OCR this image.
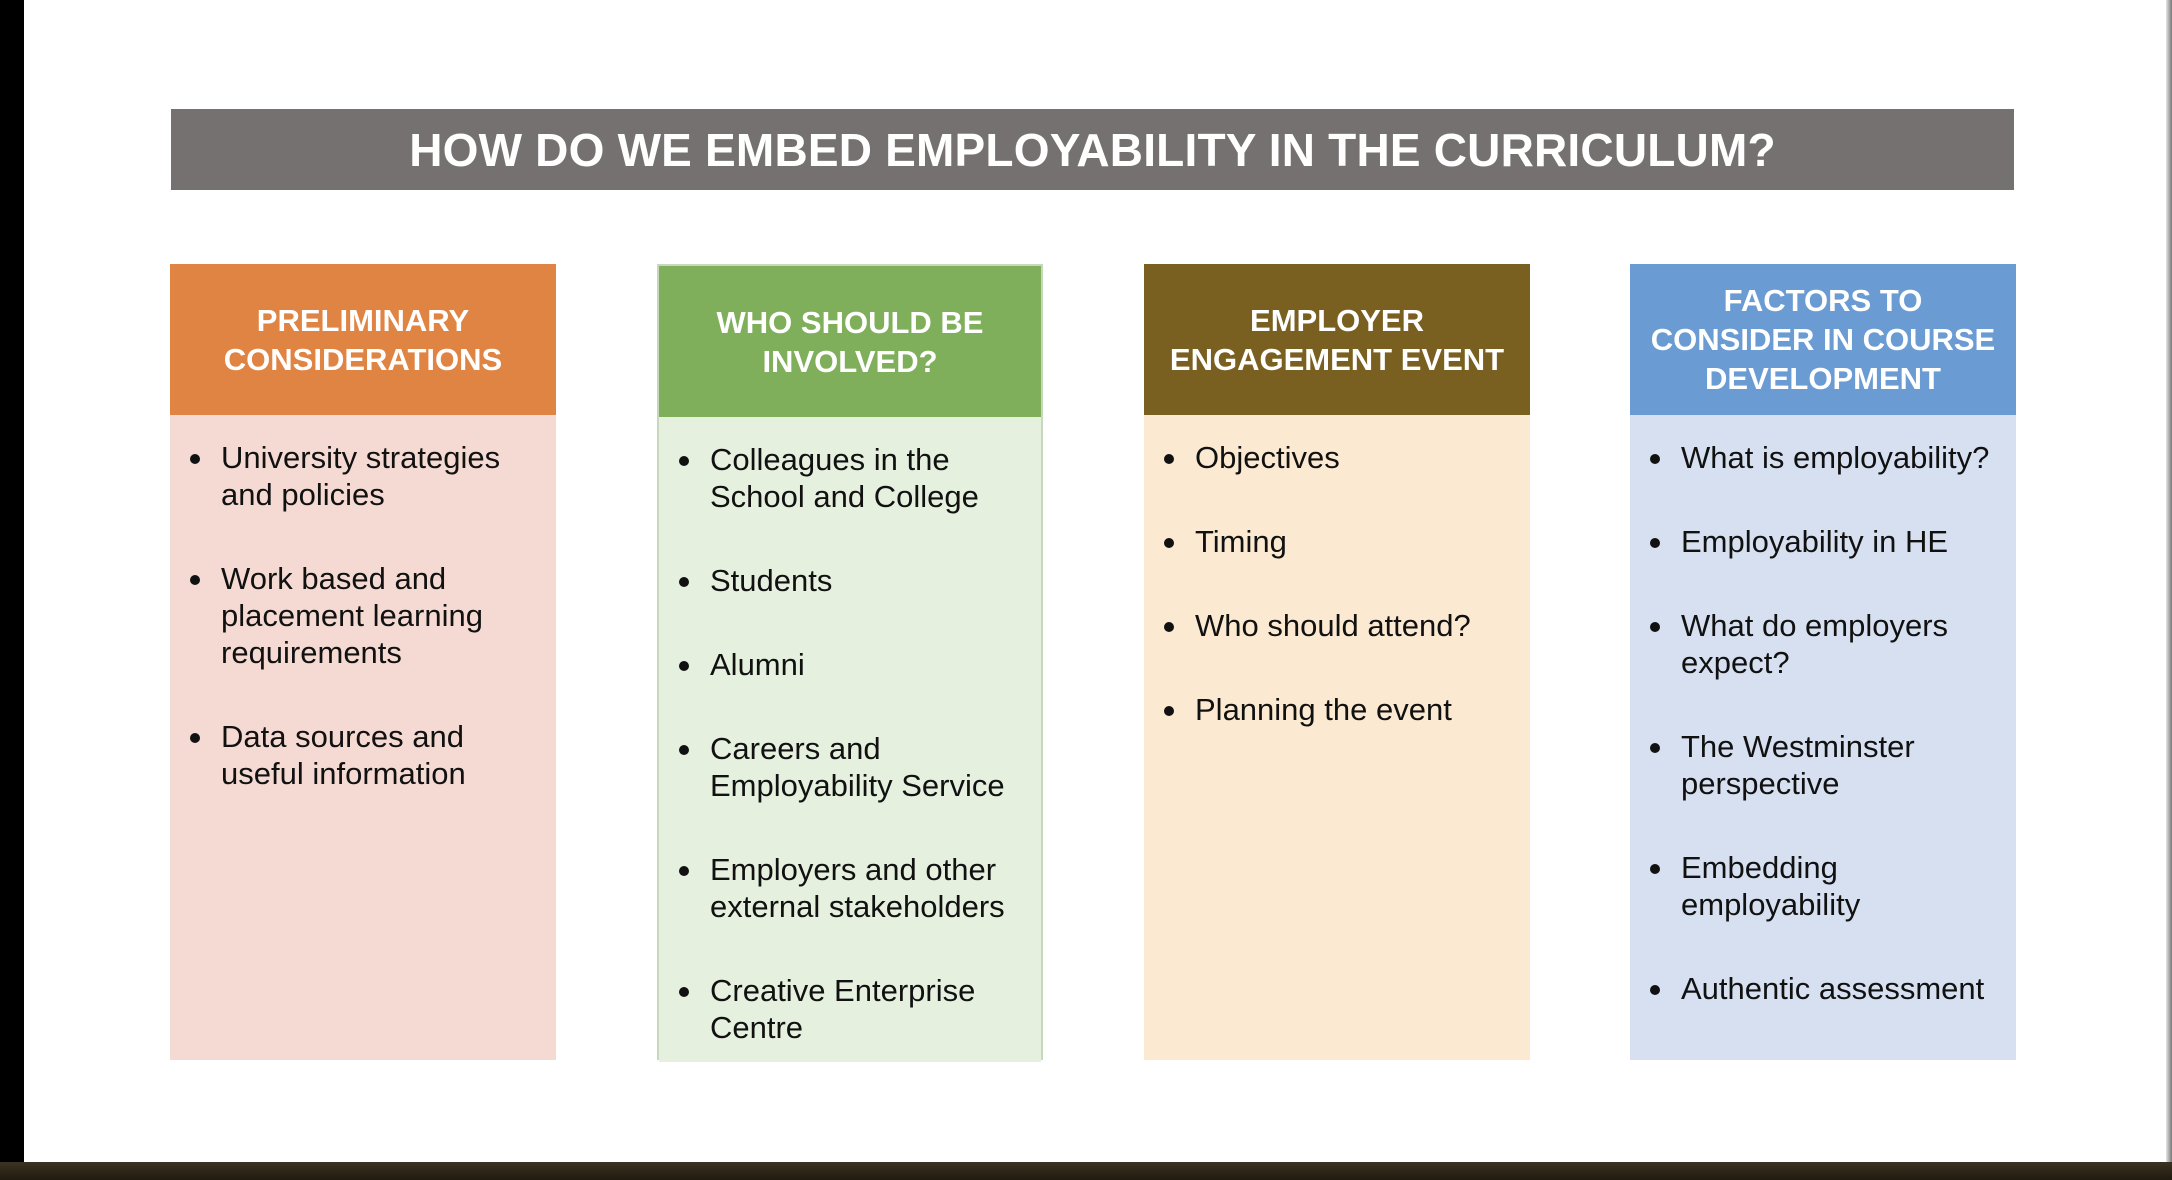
HOW DO WE EMBED EMPLOYABILITY IN THE CURRICULUM?
PRELIMINARY CONSIDERATIONS
University strategies and policies
Work based and placement learning requirements
Data sources and useful information
WHO SHOULD BE INVOLVED?
Colleagues in the School and College
Students
Alumni
Careers and Employability Service
Employers and other external stakeholders
Creative Enterprise Centre
EMPLOYER ENGAGEMENT EVENT
Objectives
Timing
Who should attend?
Planning the event
FACTORS TO CONSIDER IN COURSE DEVELOPMENT
What is employability?
Employability in HE
What do employers expect?
The Westminster perspective
Embedding employability
Authentic assessment
